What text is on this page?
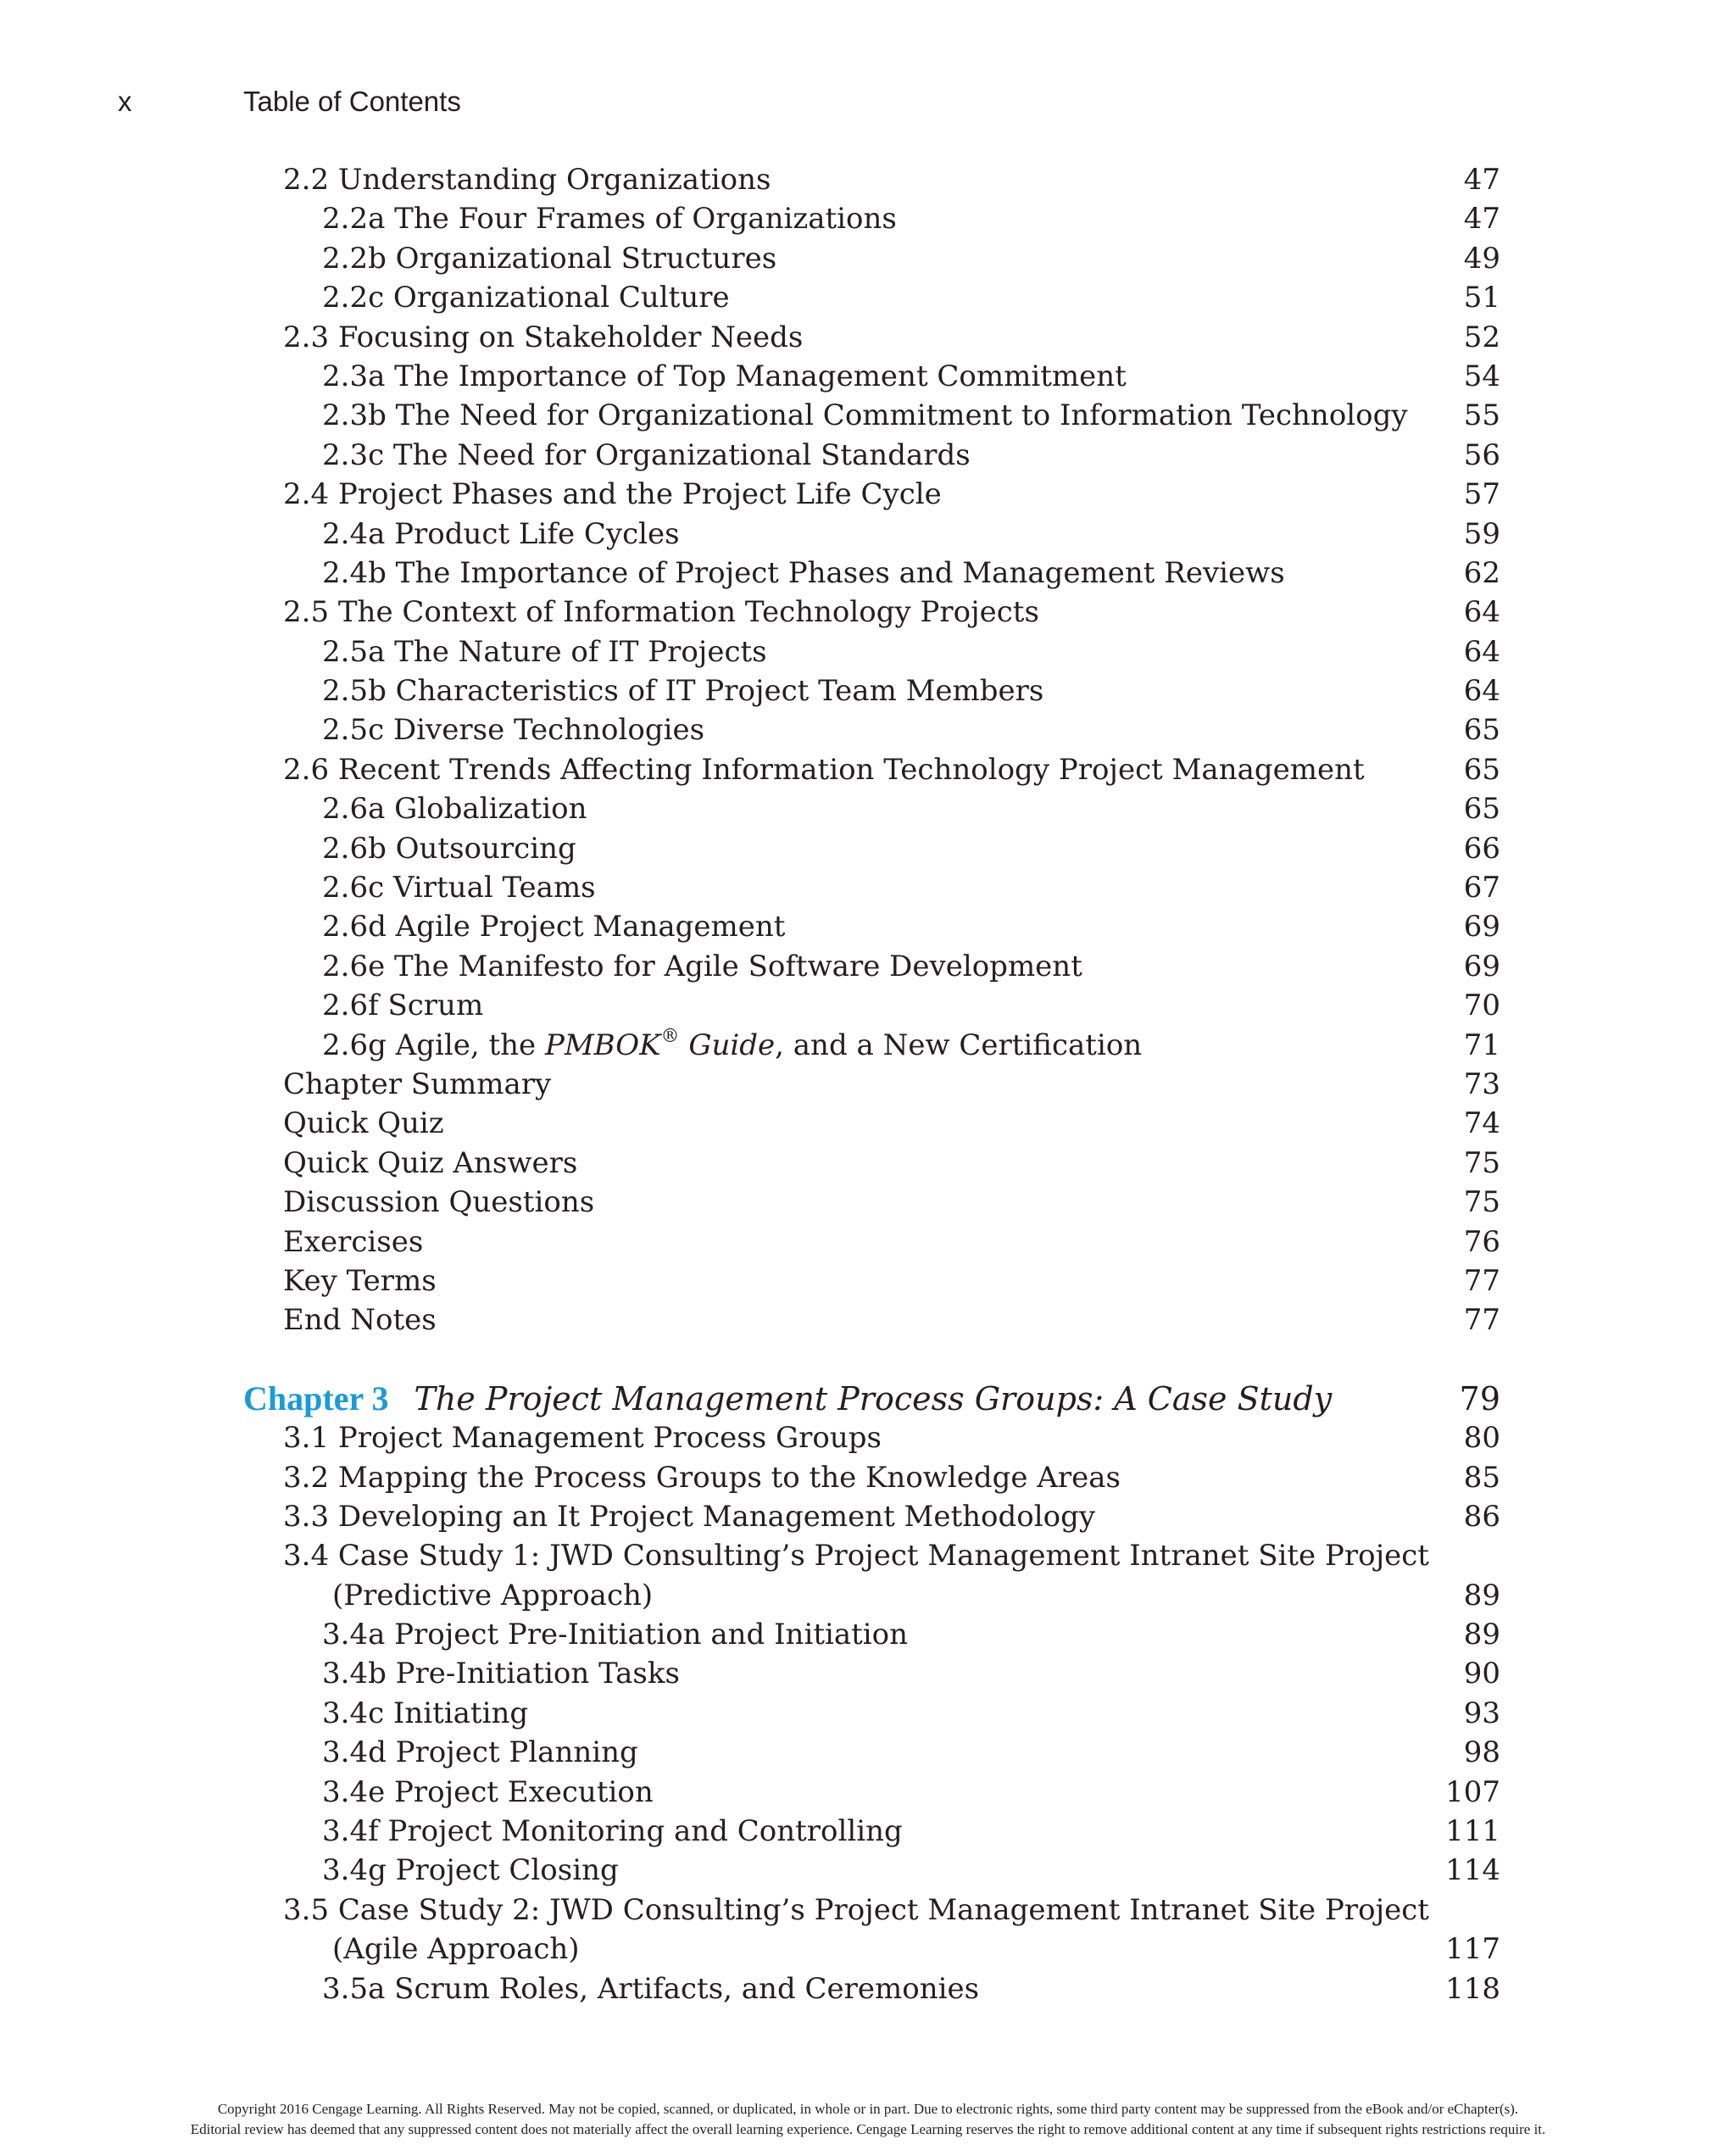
x	Table of Contents
2.2 Understanding Organizations	47
2.2a The Four Frames of Organizations	47
2.2b Organizational Structures	49
2.2c Organizational Culture	51
2.3 Focusing on Stakeholder Needs	52
2.3a The Importance of Top Management Commitment	54
2.3b The Need for Organizational Commitment to Information Technology 55
2.3c The Need for Organizational Standards	56
2.4 Project Phases and the Project Life Cycle	57
2.4a Product Life Cycles	59
2.4b The Importance of Project Phases and Management Reviews	62
2.5 The Context of Information Technology Projects	64
2.5a The Nature of IT Projects	64
2.5b Characteristics of IT Project Team Members	64
2.5c Diverse Technologies	65
2.6 Recent Trends Affecting Information Technology Project Management	65
2.6a Globalization	65
2.6b Outsourcing	66
2.6c Virtual Teams	67
2.6d Agile Project Management	69
2.6e The Manifesto for Agile Software Development	69
2.6f Scrum	70
2.6g Agile, the PMBOK® Guide, and a New Certification	71
Chapter Summary	73
Quick Quiz	74
Quick Quiz Answers	75
Discussion Questions	75
Exercises	76
Key Terms	77
End Notes	77
Chapter 3 The Project Management Process Groups: A Case Study	79
3.1 Project Management Process Groups	80
3.2 Mapping the Process Groups to the Knowledge Areas	85
3.3 Developing an It Project Management Methodology	86
3.4 Case Study 1: JWD Consulting’s Project Management Intranet Site Project
(Predictive Approach)	89
3.4a Project Pre-Initiation and Initiation	89
3.4b Pre-Initiation Tasks	90
3.4c Initiating	93
3.4d Project Planning	98
3.4e Project Execution	107
3.4f Project Monitoring and Controlling	111
3.4g Project Closing	114
3.5 Case Study 2: JWD Consulting’s Project Management Intranet Site Project
(Agile Approach)	117
3.5a Scrum Roles, Artifacts, and Ceremonies	118
Copyright 2016 Cengage Learning. All Rights Reserved. May not be copied, scanned, or duplicated, in whole or in part. Due to electronic rights, some third party content may be suppressed from the eBook and/or eChapter(s).
Editorial review has deemed that any suppressed content does not materially affect the overall learning experience. Cengage Learning reserves the right to remove additional content at any time if subsequent rights restrictions require it.
